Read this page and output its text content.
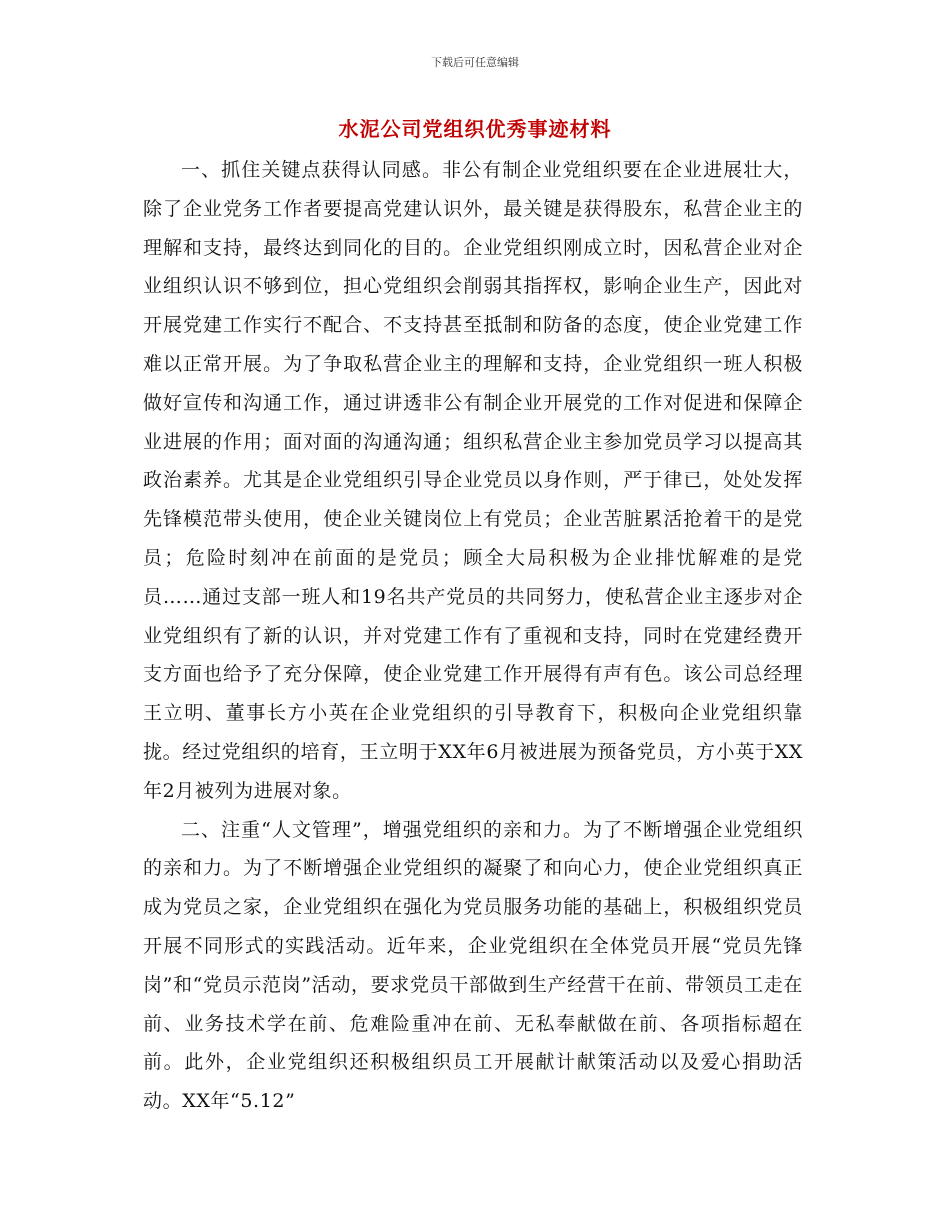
下载后可任意编辑
水泥公司党组织优秀事迹材料

一、抓住关键点获得认同感。非公有制企业党组织要在企业进展壮大，除了企业党务工作者要提高党建认识外，最关键是获得股东，私营企业主的理解和支持，最终达到同化的目的。企业党组织刚成立时，因私营企业对企业组织认识不够到位，担心党组织会削弱其指挥权，影响企业生产，因此对开展党建工作实行不配合、不支持甚至抵制和防备的态度，使企业党建工作难以正常开展。为了争取私营企业主的理解和支持，企业党组织一班人积极做好宣传和沟通工作，通过讲透非公有制企业开展党的工作对促进和保障企业进展的作用；面对面的沟通沟通；组织私营企业主参加党员学习以提高其政治素养。尤其是企业党组织引导企业党员以身作则，严于律已，处处发挥先锋模范带头使用，使企业关键岗位上有党员；企业苦脏累活抢着干的是党员；危险时刻冲在前面的是党员；顾全大局积极为企业排忧解难的是党员……通过支部一班人和19名共产党员的共同努力，使私营企业主逐步对企业党组织有了新的认识，并对党建工作有了重视和支持，同时在党建经费开支方面也给予了充分保障，使企业党建工作开展得有声有色。该公司总经理王立明、董事长方小英在企业党组织的引导教育下，积极向企业党组织靠拢。经过党组织的培育，王立明于XX年6月被进展为预备党员，方小英于XX年2月被列为进展对象。

二、注重“人文管理”，增强党组织的亲和力。为了不断增强企业党组织的亲和力。为了不断增强企业党组织的凝聚了和向心力，使企业党组织真正成为党员之家，企业党组织在强化为党员服务功能的基础上，积极组织党员开展不同形式的实践活动。近年来，企业党组织在全体党员开展“党员先锋岗”和“党员示范岗”活动，要求党员干部做到生产经营干在前、带领员工走在前、业务技术学在前、危难险重冲在前、无私奉献做在前、各项指标超在前。此外，企业党组织还积极组织员工开展献计献策活动以及爱心捐助活动。XX年“5.12”
